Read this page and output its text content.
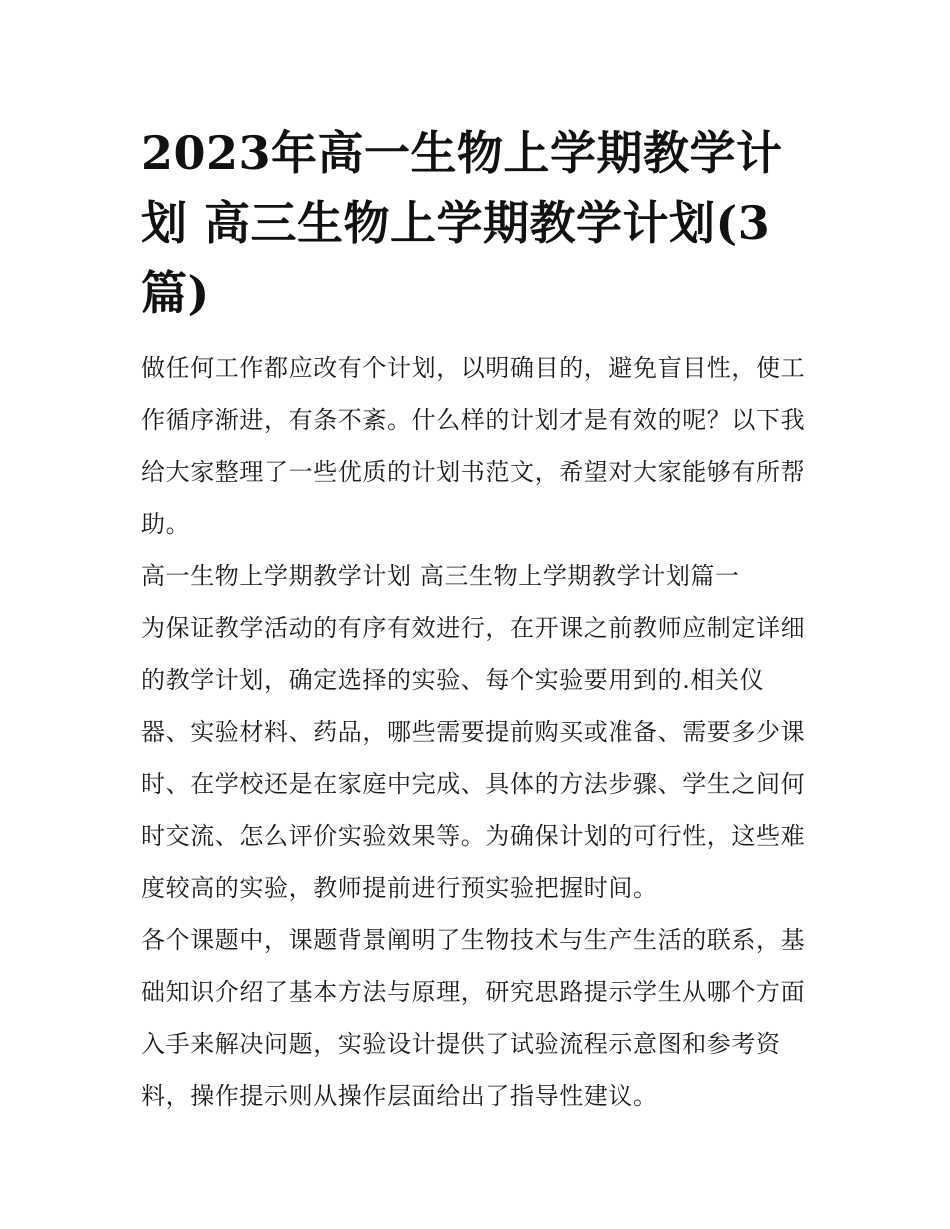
2023年高一生物上学期教学计划 高三生物上学期教学计划(3篇)

做任何工作都应改有个计划，以明确目的，避免盲目性，使工作循序渐进，有条不紊。什么样的计划才是有效的呢？以下我给大家整理了一些优质的计划书范文，希望对大家能够有所帮助。

高一生物上学期教学计划 高三生物上学期教学计划篇一

为保证教学活动的有序有效进行，在开课之前教师应制定详细的教学计划，确定选择的实验、每个实验要用到的.相关仪器、实验材料、药品，哪些需要提前购买或准备、需要多少课时、在学校还是在家庭中完成、具体的方法步骤、学生之间何时交流、怎么评价实验效果等。为确保计划的可行性，这些难度较高的实验，教师提前进行预实验把握时间。

各个课题中，课题背景阐明了生物技术与生产生活的联系，基础知识介绍了基本方法与原理，研究思路提示学生从哪个方面入手来解决问题，实验设计提供了试验流程示意图和参考资料，操作提示则从操作层面给出了指导性建议。
